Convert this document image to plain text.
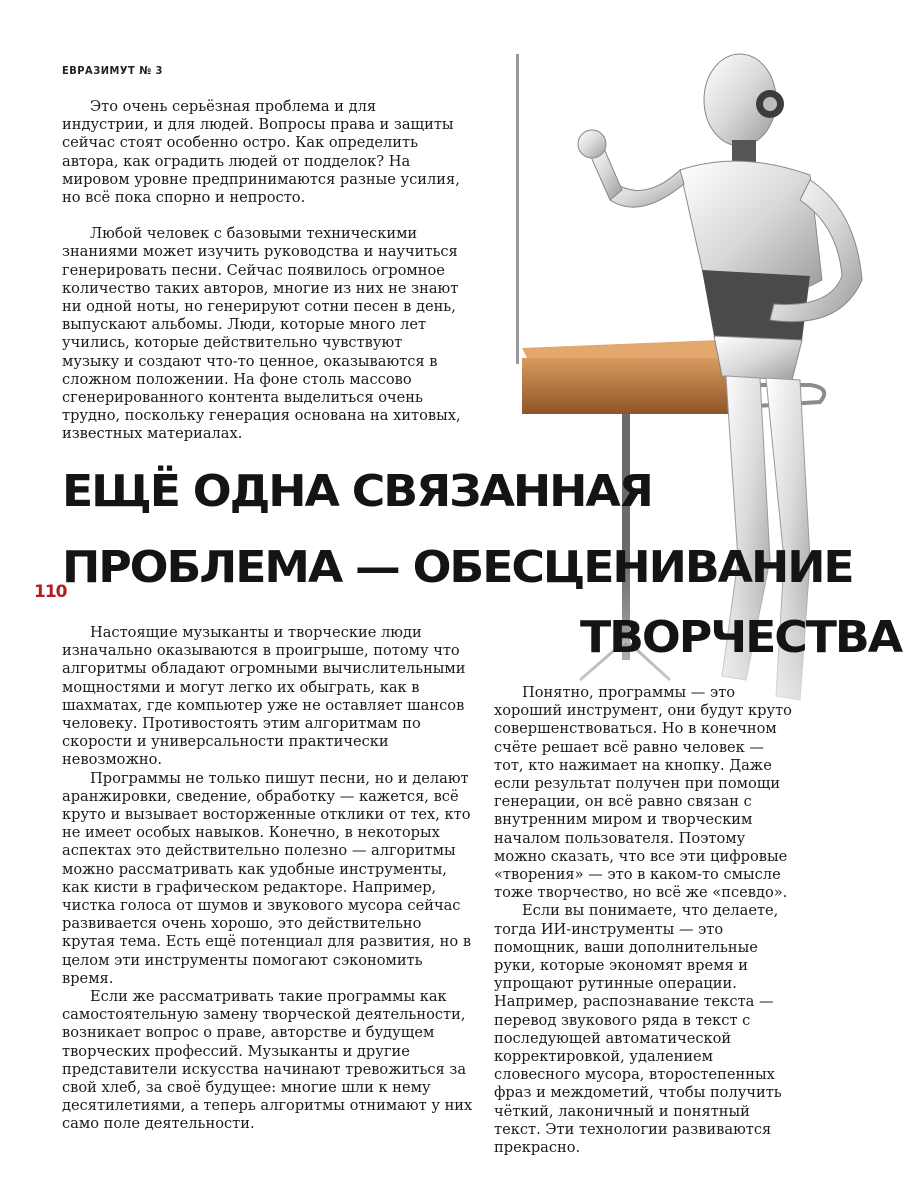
ЕВРАЗИМУТ № 3

Это очень серьёзная проблема и для индустрии, и для людей. Вопросы права и защиты сейчас стоят особенно остро. Как определить автора, как оградить людей от подделок? На мировом уровне предпринимаются разные усилия, но всё пока спорно и непросто.

Любой человек с базовыми техническими знаниями может изучить руководства и научиться генерировать песни. Сейчас появилось огромное количество таких авторов, многие из них не знают ни одной ноты, но генерируют сотни песен в день, выпускают альбомы. Люди, которые много лет учились, которые действительно чувствуют музыку и создают что-то ценное, оказываются в сложном положении. На фоне столь массово сгенерированного контента выделиться очень трудно, поскольку генерация основана на хитовых, известных материалах.

ЕЩЁ ОДНА СВЯЗАННАЯ
ПРОБЛЕМА — ОБЕСЦЕНИВАНИЕ
ТВОРЧЕСТВА
110

Настоящие музыканты и творческие люди изначально оказываются в проигрыше, потому что алгоритмы обладают огромными вычислительными мощностями и могут легко их обыграть, как в шахматах, где компьютер уже не оставляет шансов человеку. Противостоять этим алгоритмам по скорости и универсальности практически невозможно.

Программы не только пишут песни, но и делают аранжировки, сведение, обработку — кажется, всё круто и вызывает восторженные отклики от тех, кто не имеет особых навыков. Конечно, в некоторых аспектах это действительно полезно — алгоритмы можно рассматривать как удобные инструменты, как кисти в графическом редакторе. Например, чистка голоса от шумов и звукового мусора сейчас развивается очень хорошо, это действительно крутая тема. Есть ещё потенциал для развития, но в целом эти инструменты помогают сэкономить время.

Если же рассматривать такие программы как самостоятельную замену творческой деятельности, возникает вопрос о праве, авторстве и будущем творческих профессий. Музыканты и другие представители искусства начинают тревожиться за свой хлеб, за своё будущее: многие шли к нему десятилетиями, а теперь алгоритмы отнимают у них само поле деятельности.

Понятно, программы — это хороший инструмент, они будут круто совершенствоваться. Но в конечном счёте решает всё равно человек — тот, кто нажимает на кнопку. Даже если результат получен при помощи генерации, он всё равно связан с внутренним миром и творческим началом пользователя. Поэтому можно сказать, что все эти цифровые «творения» — это в каком-то смысле тоже творчество, но всё же «псевдо».

Если вы понимаете, что делаете, тогда ИИ-инструменты — это помощник, ваши дополнительные руки, которые экономят время и упрощают рутинные операции. Например, распознавание текста — перевод звукового ряда в текст с последующей автоматической корректировкой, удалением словесного мусора, второстепенных фраз и междометий, чтобы получить чёткий, лаконичный и понятный текст. Эти технологии развиваются прекрасно.
